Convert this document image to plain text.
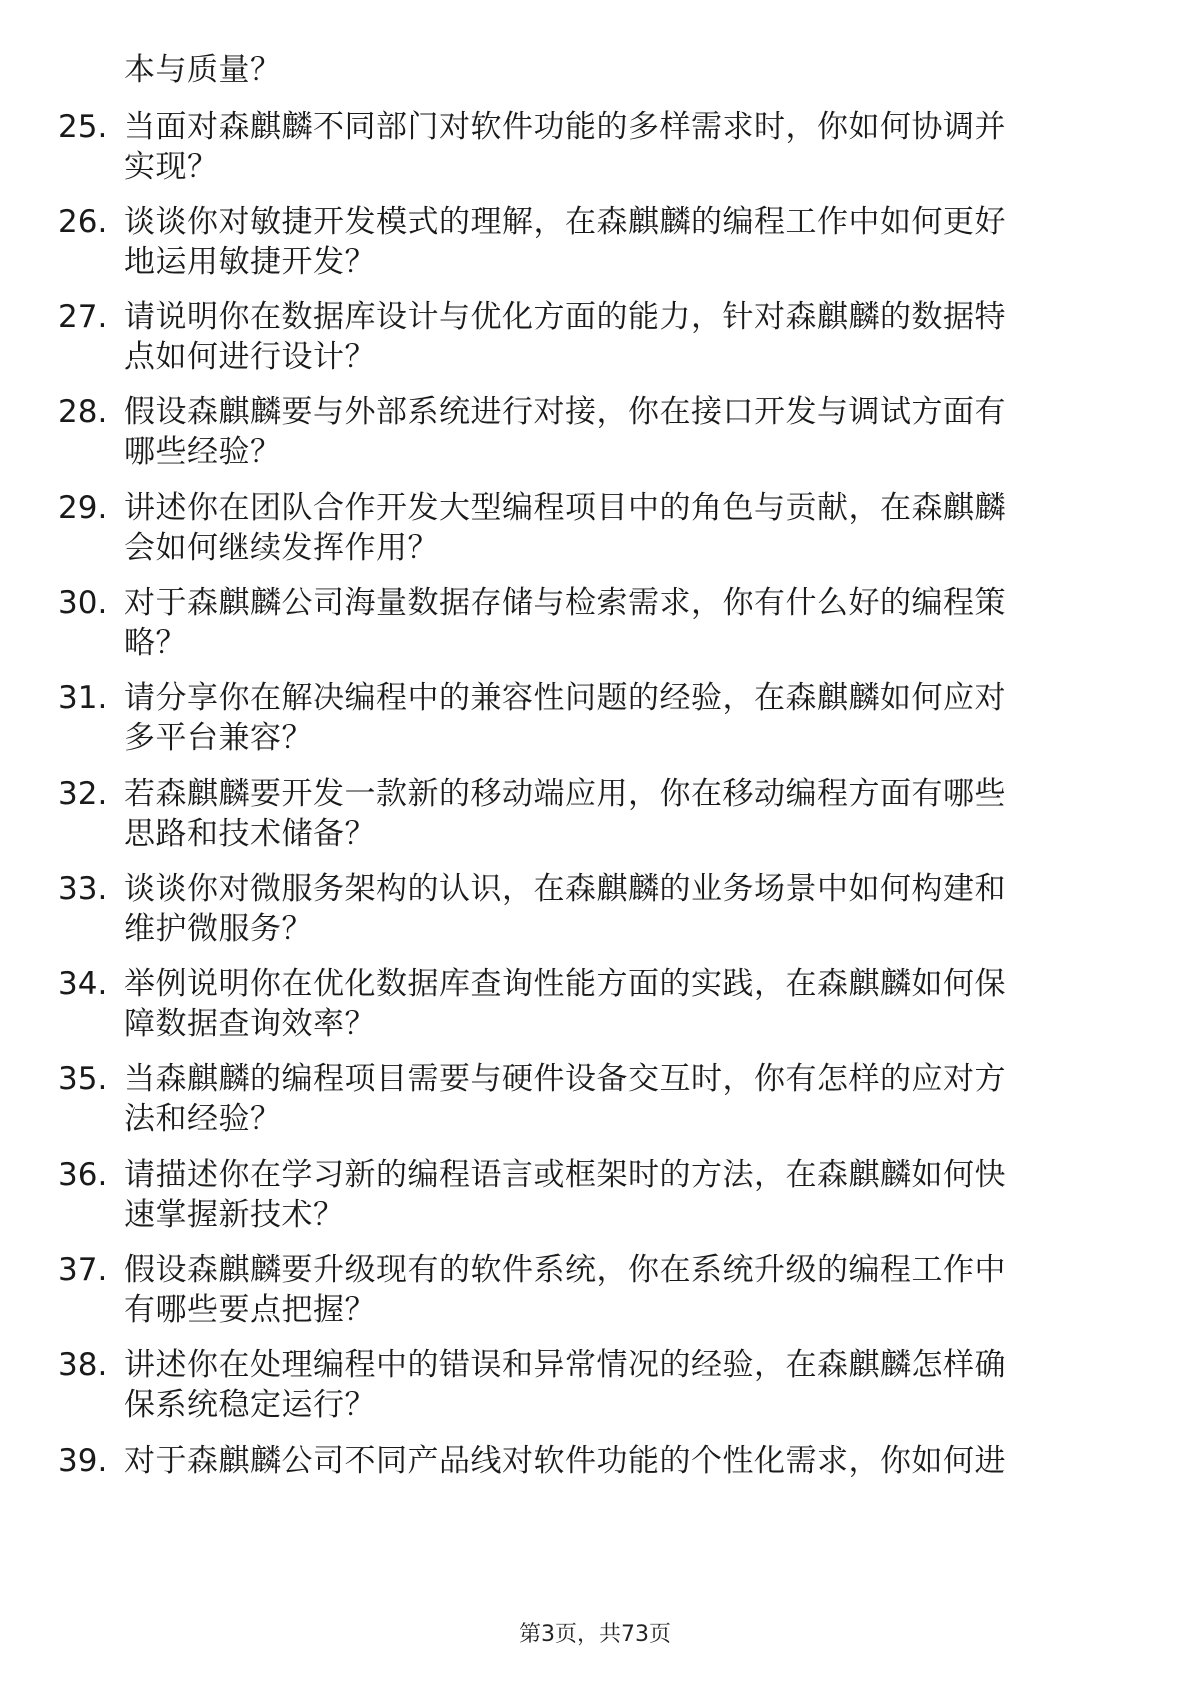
本与质量？
25. 当面对森麒麟不同部门对软件功能的多样需求时，你如何协调并
实现？
26. 谈谈你对敏捷开发模式的理解，在森麒麟的编程工作中如何更好
地运用敏捷开发？
27. 请说明你在数据库设计与优化方面的能力，针对森麒麟的数据特
点如何进行设计？
28. 假设森麒麟要与外部系统进行对接，你在接口开发与调试方面有
哪些经验？
29. 讲述你在团队合作开发大型编程项目中的角色与贡献，在森麒麟
会如何继续发挥作用？
30. 对于森麒麟公司海量数据存储与检索需求，你有什么好的编程策
略？
31. 请分享你在解决编程中的兼容性问题的经验，在森麒麟如何应对
多平台兼容？
32. 若森麒麟要开发一款新的移动端应用，你在移动编程方面有哪些
思路和技术储备？
33. 谈谈你对微服务架构的认识，在森麒麟的业务场景中如何构建和
维护微服务？
34. 举例说明你在优化数据库查询性能方面的实践，在森麒麟如何保
障数据查询效率？
35. 当森麒麟的编程项目需要与硬件设备交互时，你有怎样的应对方
法和经验？
36. 请描述你在学习新的编程语言或框架时的方法，在森麒麟如何快
速掌握新技术？
37. 假设森麒麟要升级现有的软件系统，你在系统升级的编程工作中
有哪些要点把握？
38. 讲述你在处理编程中的错误和异常情况的经验，在森麒麟怎样确
保系统稳定运行？
39. 对于森麒麟公司不同产品线对软件功能的个性化需求，你如何进
第3页，共73页
